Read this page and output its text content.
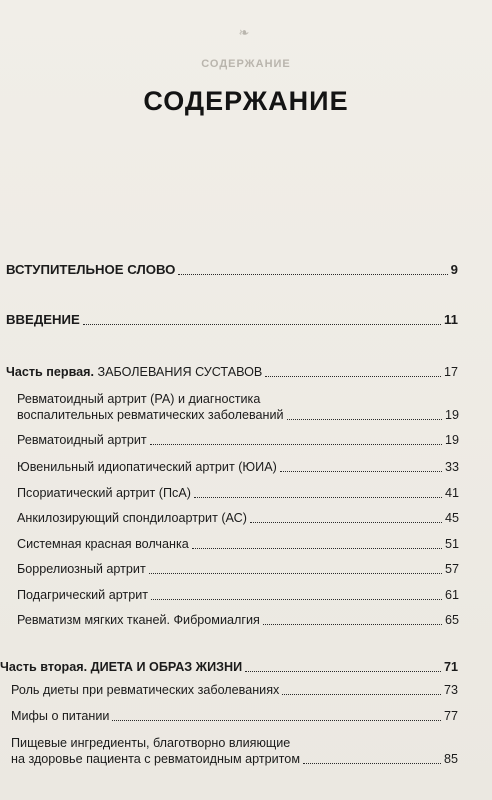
❧
СОДЕРЖАНИЕ
СОДЕРЖАНИЕ
ВСТУПИТЕЛЬНОЕ СЛОВО	9
ВВЕДЕНИЕ	11
Часть первая. ЗАБОЛЕВАНИЯ СУСТАВОВ	17
Ревматоидный артрит (РА) и диагностика
воспалительных ревматических заболеваний	19
Ревматоидный артрит	19
Ювенильный идиопатический артрит (ЮИА)	33
Псориатический артрит (ПсА)	41
Анкилозирующий спондилоартрит (АС)	45
Системная красная волчанка	51
Боррелиозный артрит	57
Подагрический артрит	61
Ревматизм мягких тканей. Фибромиалгия	65
Часть вторая. ДИЕТА И ОБРАЗ ЖИЗНИ	71
Роль диеты при ревматических заболеваниях	73
Мифы о питании	77
Пищевые ингредиенты, благотворно влияющие
на здоровье пациента с ревматоидным артритом	85
